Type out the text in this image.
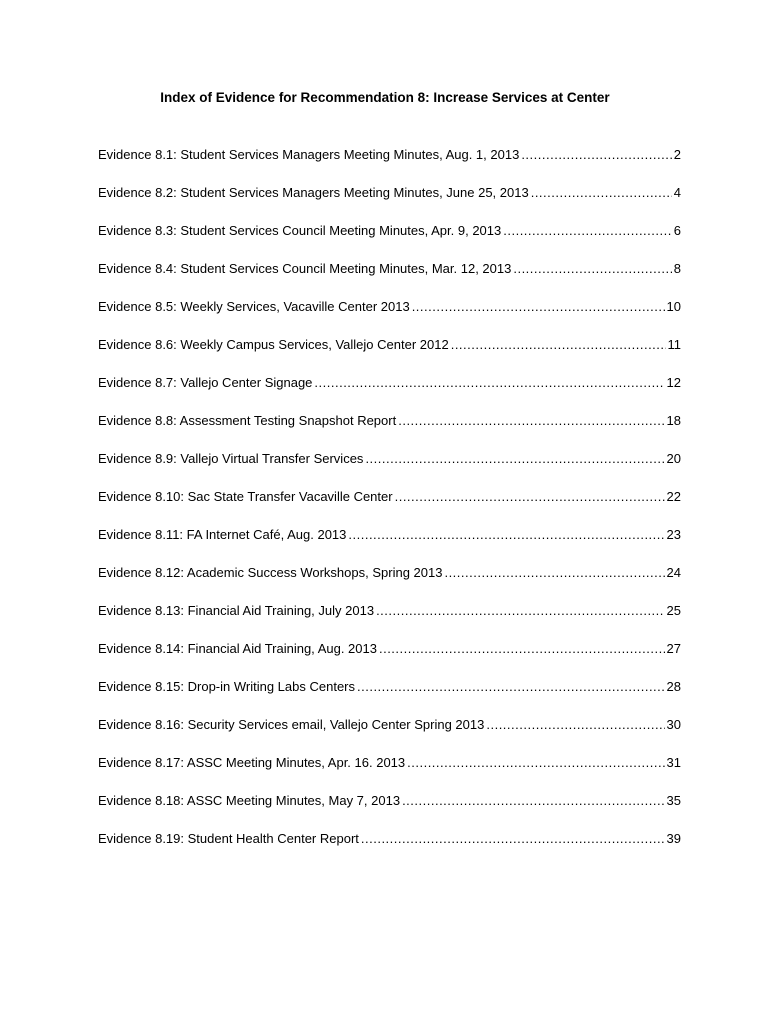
Index of Evidence for Recommendation 8: Increase Services at Center
Evidence 8.1: Student Services Managers Meeting Minutes, Aug. 1, 2013 .....	2
Evidence 8.2: Student Services Managers Meeting Minutes, June 25, 2013 .....	4
Evidence 8.3: Student Services Council Meeting Minutes, Apr. 9, 2013 .....	6
Evidence 8.4: Student Services Council Meeting Minutes, Mar. 12, 2013 .....	8
Evidence 8.5: Weekly Services, Vacaville Center 2013 .....	10
Evidence 8.6: Weekly Campus Services, Vallejo Center 2012 .....	11
Evidence 8.7: Vallejo Center Signage .....	12
Evidence 8.8: Assessment Testing Snapshot Report .....	18
Evidence 8.9: Vallejo Virtual Transfer Services .....	20
Evidence 8.10: Sac State Transfer Vacaville Center .....	22
Evidence 8.11: FA Internet Café, Aug. 2013 .....	23
Evidence 8.12: Academic Success Workshops, Spring 2013 .....	24
Evidence 8.13: Financial Aid Training, July 2013 .....	25
Evidence 8.14: Financial Aid Training, Aug. 2013 .....	27
Evidence 8.15: Drop-in Writing Labs Centers .....	28
Evidence 8.16: Security Services email, Vallejo Center Spring 2013 .....	30
Evidence 8.17: ASSC Meeting Minutes, Apr. 16. 2013 .....	31
Evidence 8.18: ASSC Meeting Minutes, May 7, 2013 .....	35
Evidence 8.19: Student Health Center Report .....	39
